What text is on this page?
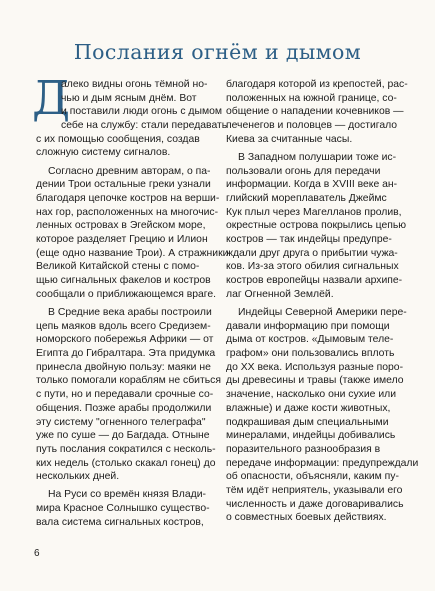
Послания огнём и дымом
Д
алеко видны огонь тёмной но-
чью и дым ясным днём. Вот
и поставили люди огонь с дымом
себе на службу: стали передавать
с их помощью сообщения, создав
сложную систему сигналов.
Согласно древним авторам, о па-
дении Трои остальные греки узнали
благодаря цепочке костров на верши-
нах гор, расположенных на многочис-
ленных островах в Эгейском море,
которое разделяет Грецию и Илион
(еще одно название Трои). А стражники
Великой Китайской стены с помо-
щью сигнальных факелов и костров
сообщали о приближающемся враге.
В Средние века арабы построили
цепь маяков вдоль всего Средизем-
номорского побережья Африки — от
Египта до Гибралтара. Эта придумка
принесла двойную пользу: маяки не
только помогали кораблям не сбиться
с пути, но и передавали срочные со-
общения. Позже арабы продолжили
эту систему "огненного телеграфа"
уже по суше — до Багдада. Отныне
путь послания сократился с несколь-
ких недель (столько скакал гонец) до
нескольких дней.
На Руси со времён князя Влади-
мира Красное Солнышко существо-
вала система сигнальных костров,
благодаря которой из крепостей, рас-
положенных на южной границе, со-
общение о нападении кочевников —
печенегов и половцев — достигало
Киева за считанные часы.
В Западном полушарии тоже ис-
пользовали огонь для передачи
информации. Когда в XVIII веке ан-
глийский мореплаватель Джеймс
Кук плыл через Магелланов пролив,
окрестные острова покрылись цепью
костров — так индейцы предупре-
ждали друг друга о прибытии чужа-
ков. Из-за этого обилия сигнальных
костров европейцы назвали архипе-
лаг Огненной Землёй.
Индейцы Северной Америки пере-
давали информацию при помощи
дыма от костров. «Дымовым теле-
графом» они пользовались вплоть
до XX века. Используя разные поро-
ды древесины и травы (также имело
значение, насколько они сухие или
влажные) и даже кости животных,
подкрашивая дым специальными
минералами, индейцы добивались
поразительного разнообразия в
передаче информации: предупреждали
об опасности, объясняли, каким пу-
тём идёт неприятель, указывали его
численность и даже договаривались
о совместных боевых действиях.
6
